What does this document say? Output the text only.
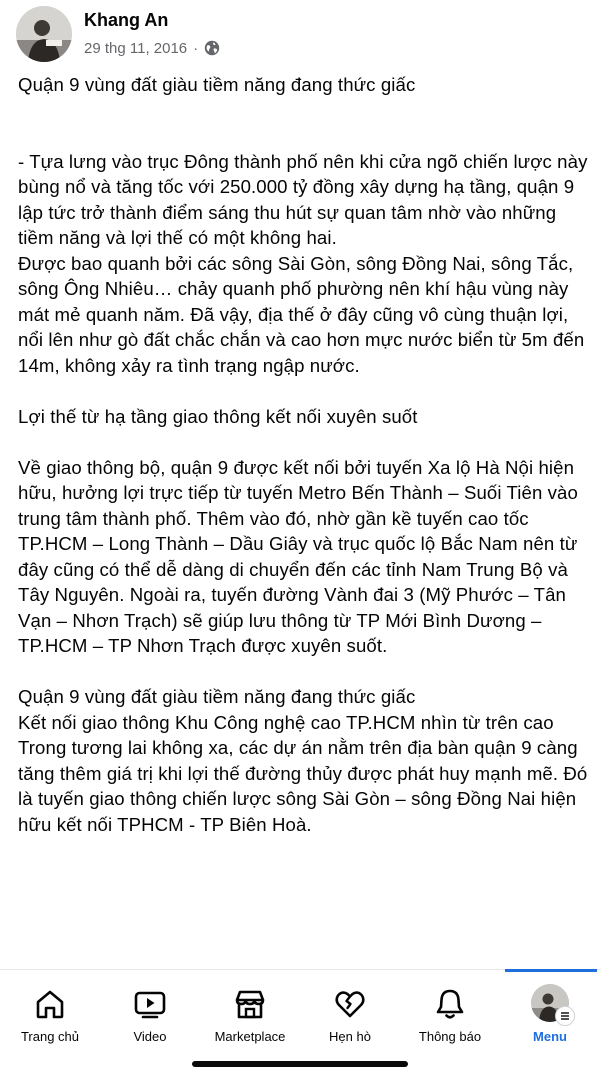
Khang An
29 thg 11, 2016 ·

Quận 9 vùng đất giàu tiềm năng đang thức giấc

- Tựa lưng vào trục Đông thành phố nên khi cửa ngõ chiến lược này bùng nổ và tăng tốc với 250.000 tỷ đồng xây dựng hạ tầng, quận 9 lập tức trở thành điểm sáng thu hút sự quan tâm nhờ vào những tiềm năng và lợi thế có một không hai.

Được bao quanh bởi các sông Sài Gòn, sông Đồng Nai, sông Tắc, sông Ông Nhiêu… chảy quanh phố phường nên khí hậu vùng này mát mẻ quanh năm. Đã vậy, địa thế ở đây cũng vô cùng thuận lợi, nổi lên như gò đất chắc chắn và cao hơn mực nước biển từ 5m đến 14m, không xảy ra tình trạng ngập nước.

Lợi thế từ hạ tầng giao thông kết nối xuyên suốt

Về giao thông bộ, quận 9 được kết nối bởi tuyến Xa lộ Hà Nội hiện hữu, hưởng lợi trực tiếp từ tuyến Metro Bến Thành – Suối Tiên vào trung tâm thành phố. Thêm vào đó, nhờ gần kề tuyến cao tốc TP.HCM – Long Thành – Dầu Giây và trục quốc lộ Bắc Nam nên từ đây cũng có thể dễ dàng di chuyển đến các tỉnh Nam Trung Bộ và Tây Nguyên. Ngoài ra, tuyến đường Vành đai 3 (Mỹ Phước – Tân Vạn – Nhơn Trạch) sẽ giúp lưu thông từ TP Mới Bình Dương – TP.HCM – TP Nhơn Trạch được xuyên suốt.

Quận 9 vùng đất giàu tiềm năng đang thức giấc

Kết nối giao thông Khu Công nghệ cao TP.HCM nhìn từ trên cao

Trong tương lai không xa, các dự án nằm trên địa bàn quận 9 càng tăng thêm giá trị khi lợi thế đường thủy được phát huy mạnh mẽ. Đó là tuyến giao thông chiến lược sông Sài Gòn – sông Đồng Nai hiện hữu kết nối TPHCM - TP Biên Hoà.

Trang chủ	Video	Marketplace	Hẹn hò	Thông báo	Menu
